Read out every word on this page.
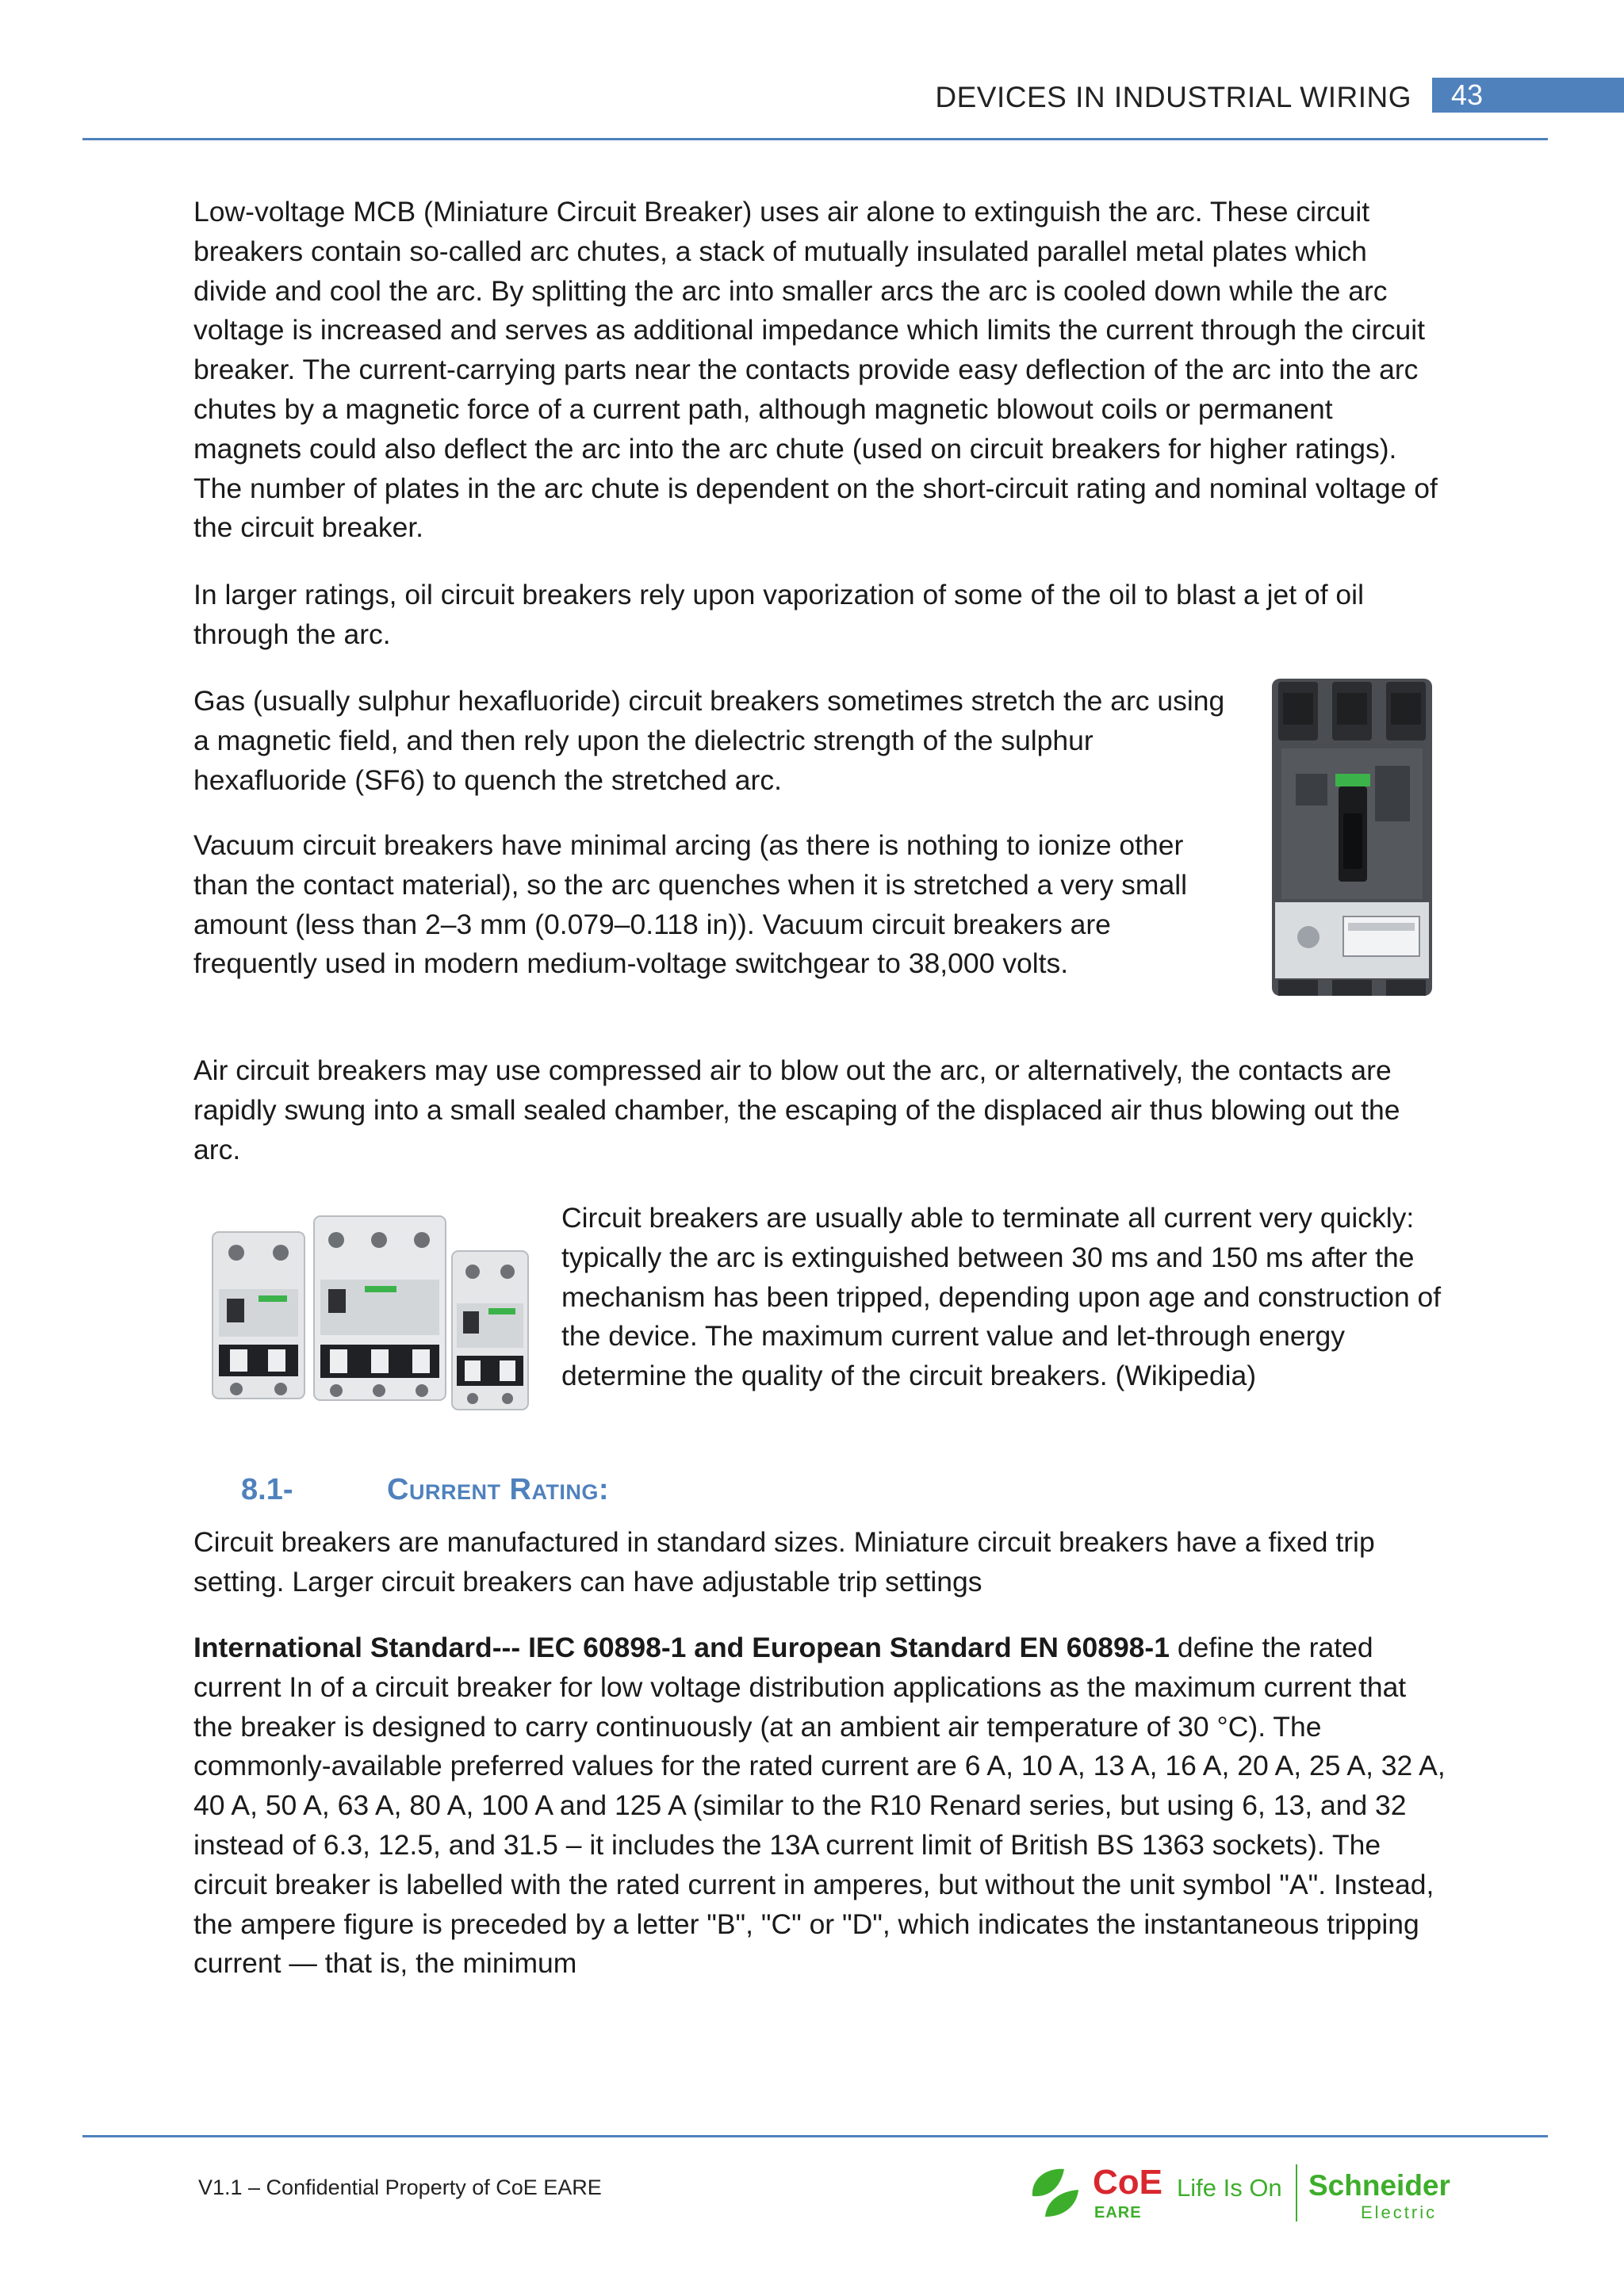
DEVICES IN INDUSTRIAL WIRING	43

Low-voltage MCB (Miniature Circuit Breaker) uses air alone to extinguish the arc. These circuit breakers contain so-called arc chutes, a stack of mutually insulated parallel metal plates which divide and cool the arc. By splitting the arc into smaller arcs the arc is cooled down while the arc voltage is increased and serves as additional impedance which limits the current through the circuit breaker. The current-carrying parts near the contacts provide easy deflection of the arc into the arc chutes by a magnetic force of a current path, although magnetic blowout coils or permanent magnets could also deflect the arc into the arc chute (used on circuit breakers for higher ratings). The number of plates in the arc chute is dependent on the short-circuit rating and nominal voltage of the circuit breaker.

In larger ratings, oil circuit breakers rely upon vaporization of some of the oil to blast a jet of oil through the arc.

Gas (usually sulphur hexafluoride) circuit breakers sometimes stretch the arc using a magnetic field, and then rely upon the dielectric strength of the sulphur hexafluoride (SF6) to quench the stretched arc.

Vacuum circuit breakers have minimal arcing (as there is nothing to ionize other than the contact material), so the arc quenches when it is stretched a very small amount (less than 2–3 mm (0.079–0.118 in)). Vacuum circuit breakers are frequently used in modern medium-voltage switchgear to 38,000 volts.

Air circuit breakers may use compressed air to blow out the arc, or alternatively, the contacts are rapidly swung into a small sealed chamber, the escaping of the displaced air thus blowing out the arc.

Circuit breakers are usually able to terminate all current very quickly: typically the arc is extinguished between 30 ms and 150 ms after the mechanism has been tripped, depending upon age and construction of the device. The maximum current value and let-through energy determine the quality of the circuit breakers. (Wikipedia)

8.1-	Current Rating:

Circuit breakers are manufactured in standard sizes. Miniature circuit breakers have a fixed trip setting. Larger circuit breakers can have adjustable trip settings

International Standard--- IEC 60898-1 and European Standard EN 60898-1 define the rated current In of a circuit breaker for low voltage distribution applications as the maximum current that the breaker is designed to carry continuously (at an ambient air temperature of 30 °C). The commonly-available preferred values for the rated current are 6 A, 10 A, 13 A, 16 A, 20 A, 25 A, 32 A, 40 A, 50 A, 63 A, 80 A, 100 A and 125 A (similar to the R10 Renard series, but using 6, 13, and 32 instead of 6.3, 12.5, and 31.5 – it includes the 13A current limit of British BS 1363 sockets). The circuit breaker is labelled with the rated current in amperes, but without the unit symbol "A". Instead, the ampere figure is preceded by a letter "B", "C" or "D", which indicates the instantaneous tripping current — that is, the minimum

V1.1 – Confidential Property of CoE EARE	CoE
EARE
Life Is On Schneider
Electric
